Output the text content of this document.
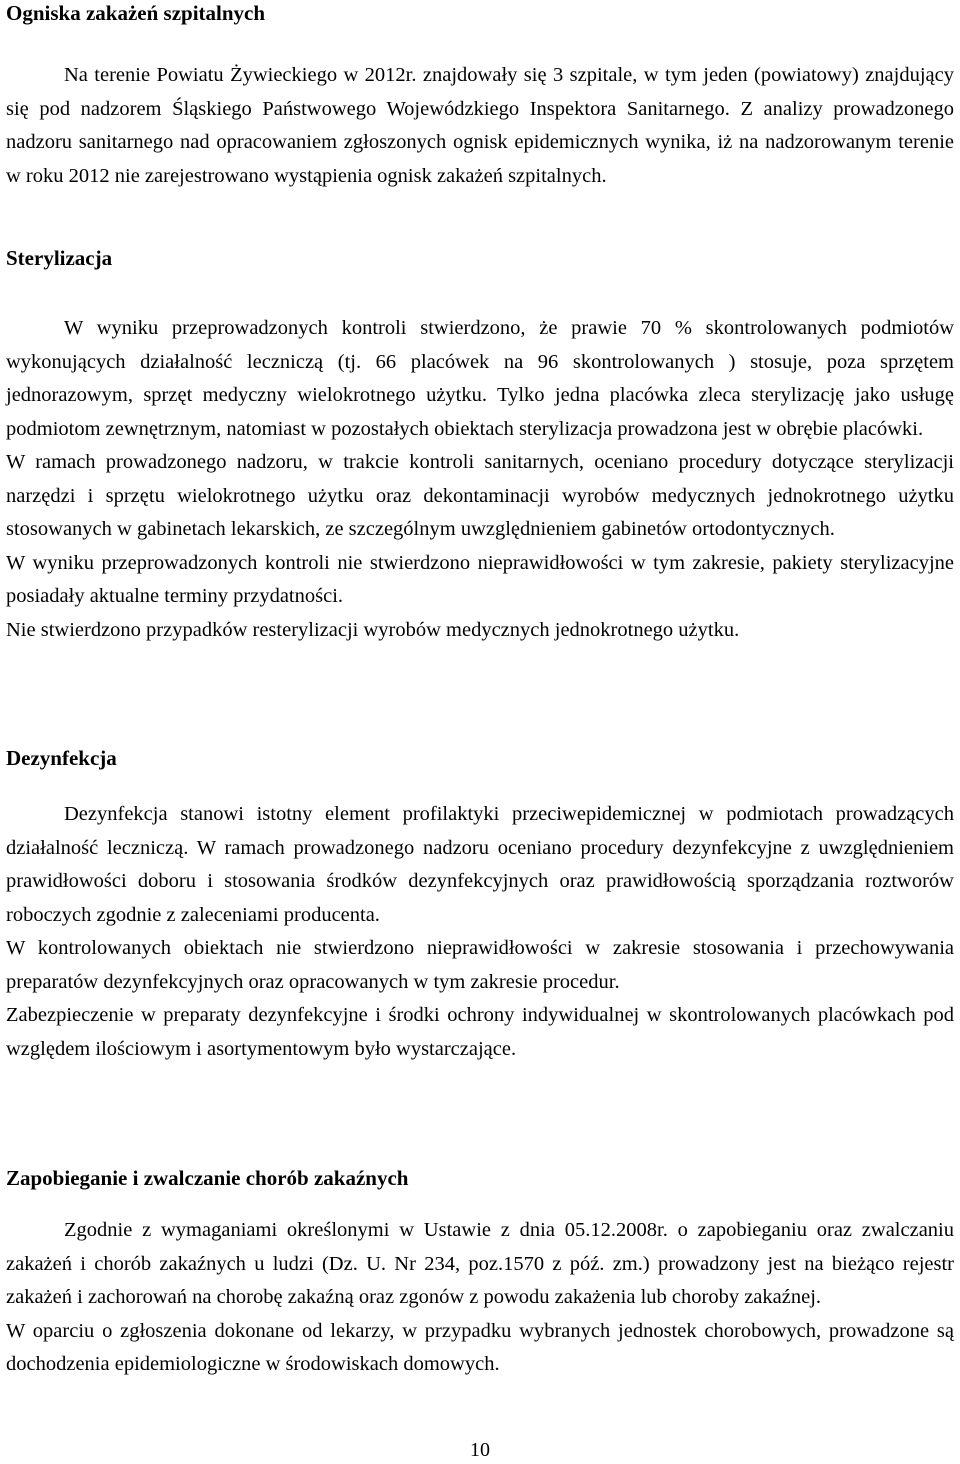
Ogniska zakażeń szpitalnych

Na terenie Powiatu Żywieckiego w 2012r. znajdowały się 3 szpitale, w tym jeden (powiatowy) znajdujący się pod nadzorem Śląskiego Państwowego Wojewódzkiego Inspektora Sanitarnego. Z analizy prowadzonego nadzoru sanitarnego nad opracowaniem zgłoszonych ognisk epidemicznych wynika, iż na nadzorowanym terenie w roku 2012 nie zarejestrowano wystąpienia ognisk zakażeń szpitalnych.

Sterylizacja

W wyniku przeprowadzonych kontroli stwierdzono, że prawie 70 % skontrolowanych podmiotów wykonujących działalność leczniczą (tj. 66 placówek na 96 skontrolowanych ) stosuje, poza sprzętem jednorazowym, sprzęt medyczny wielokrotnego użytku. Tylko jedna placówka zleca sterylizację jako usługę podmiotom zewnętrznym, natomiast w pozostałych obiektach sterylizacja prowadzona jest w obrębie placówki.

W ramach prowadzonego nadzoru, w trakcie kontroli sanitarnych, oceniano procedury dotyczące sterylizacji narzędzi i sprzętu wielokrotnego użytku oraz dekontaminacji wyrobów medycznych jednokrotnego użytku stosowanych w gabinetach lekarskich, ze szczególnym uwzględnieniem gabinetów ortodontycznych.

W wyniku przeprowadzonych kontroli nie stwierdzono nieprawidłowości w tym zakresie, pakiety sterylizacyjne posiadały aktualne terminy przydatności.

Nie stwierdzono przypadków resterylizacji wyrobów medycznych jednokrotnego użytku.

Dezynfekcja

Dezynfekcja stanowi istotny element profilaktyki przeciwepidemicznej w podmiotach prowadzących działalność leczniczą. W ramach prowadzonego nadzoru oceniano procedury dezynfekcyjne z uwzględnieniem prawidłowości doboru i stosowania środków dezynfekcyjnych oraz prawidłowością sporządzania roztworów roboczych zgodnie z zaleceniami producenta.

W kontrolowanych obiektach nie stwierdzono nieprawidłowości w zakresie stosowania i przechowywania preparatów dezynfekcyjnych oraz opracowanych w tym zakresie procedur.

Zabezpieczenie w preparaty dezynfekcyjne i środki ochrony indywidualnej w skontrolowanych placówkach pod względem ilościowym i asortymentowym było wystarczające.

Zapobieganie i zwalczanie chorób zakaźnych

Zgodnie z wymaganiami określonymi w Ustawie z dnia 05.12.2008r. o zapobieganiu oraz zwalczaniu zakażeń i chorób zakaźnych u ludzi (Dz. U. Nr 234, poz.1570 z póź. zm.) prowadzony jest na bieżąco rejestr zakażeń i zachorowań na chorobę zakaźną oraz zgonów z powodu zakażenia lub choroby zakaźnej.

W oparciu o zgłoszenia dokonane od lekarzy, w przypadku wybranych jednostek chorobowych, prowadzone są dochodzenia epidemiologiczne w środowiskach domowych.

10
